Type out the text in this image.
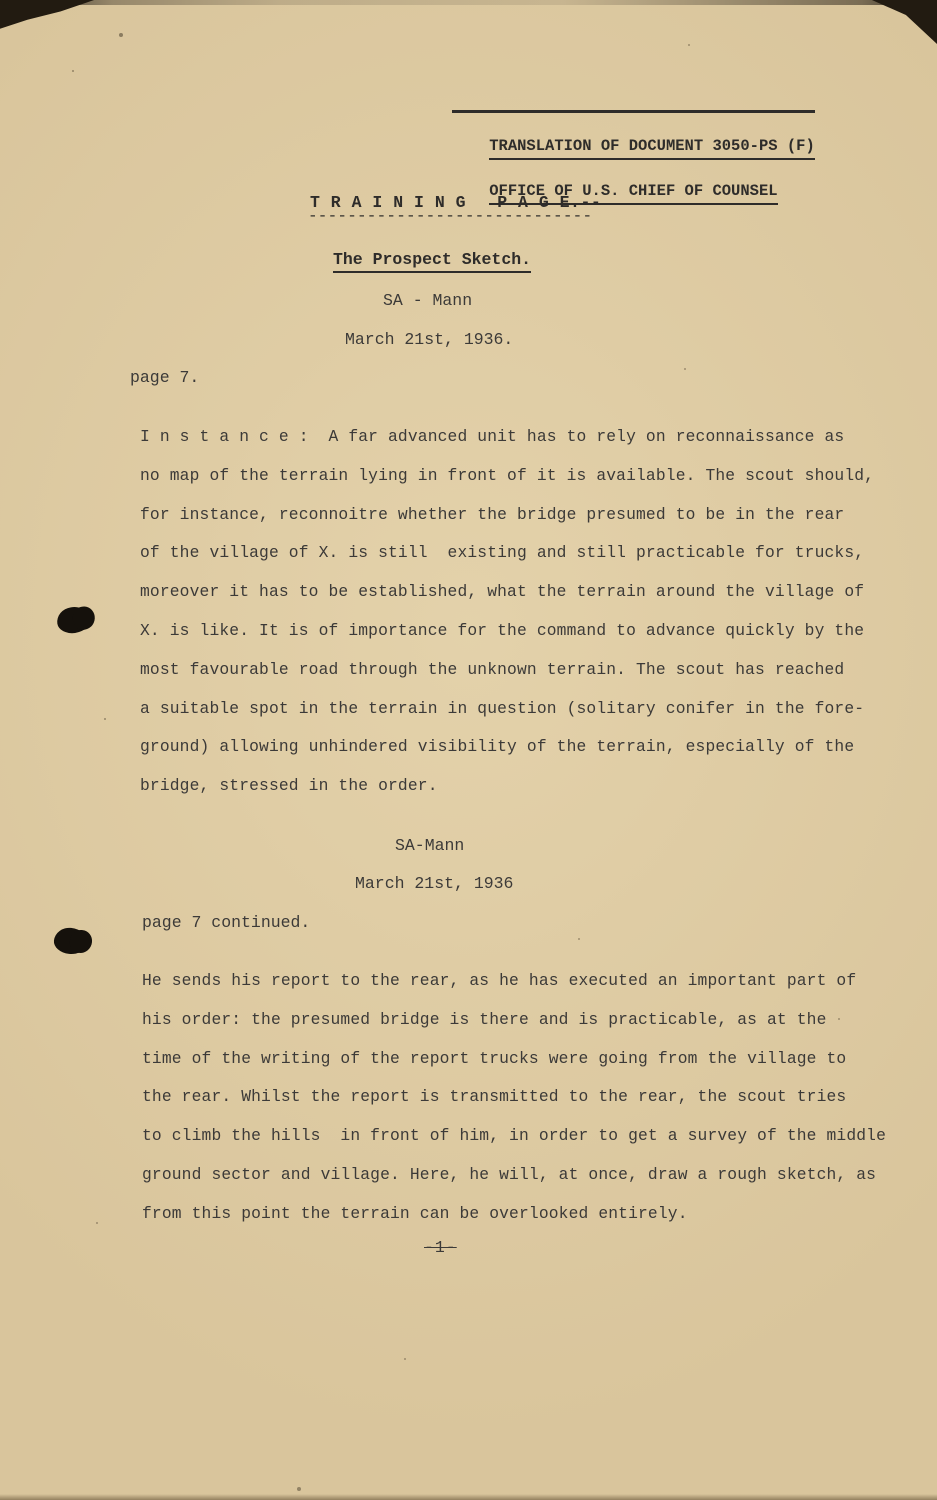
TRANSLATION OF DOCUMENT 3050-PS (F)

OFFICE OF U.S. CHIEF OF COUNSEL

T R A I N I N G   P A G E.--
-----------------------------
The Prospect Sketch.
SA - Mann
March 21st, 1936.
page 7.
I n s t a n c e :  A far advanced unit has to rely on reconnaissance as
no map of the terrain lying in front of it is available. The scout should,
for instance, reconnoitre whether the bridge presumed to be in the rear
of the village of X. is still  existing and still practicable for trucks,
moreover it has to be established, what the terrain around the village of
X. is like. It is of importance for the command to advance quickly by the
most favourable road through the unknown terrain. The scout has reached
a suitable spot in the terrain in question (solitary conifer in the fore-
ground) allowing unhindered visibility of the terrain, especially of the
bridge, stressed in the order.
SA-Mann
March 21st, 1936
page 7 continued.
He sends his report to the rear, as he has executed an important part of
his order: the presumed bridge is there and is practicable, as at the
time of the writing of the report trucks were going from the village to
the rear. Whilst the report is transmitted to the rear, the scout tries
to climb the hills  in front of him, in order to get a survey of the middle
ground sector and village. Here, he will, at once, draw a rough sketch, as
from this point the terrain can be overlooked entirely.
-1-
